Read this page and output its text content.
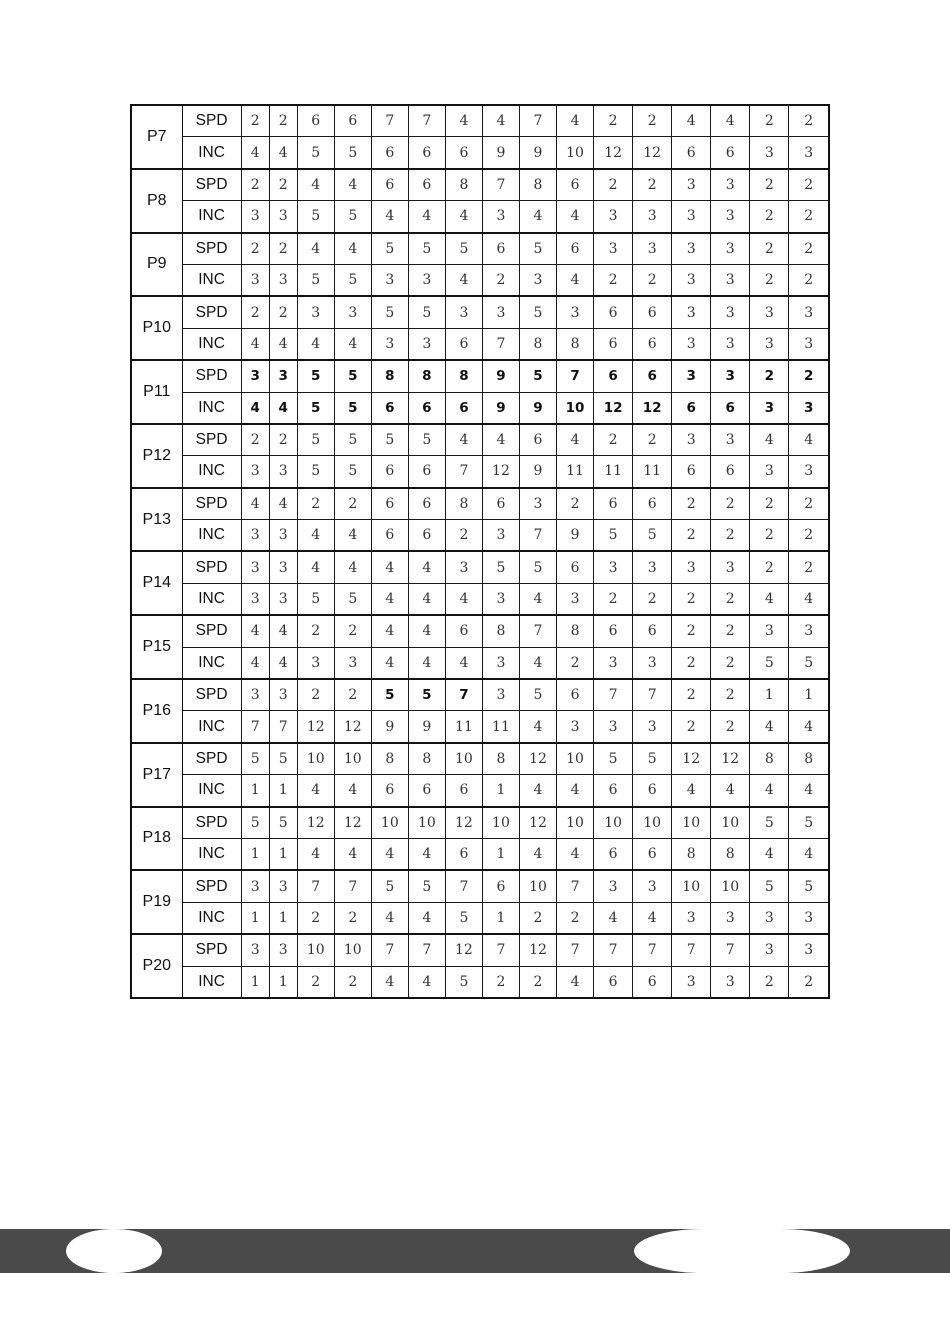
P7	SPD	2	2	6	6	7	7	4	4	7	4	2	2	4	4	2	2
	INC	4	4	5	5	6	6	6	9	9	10	12	12	6	6	3	3
P8	SPD	2	2	4	4	6	6	8	7	8	6	2	2	3	3	2	2
	INC	3	3	5	5	4	4	4	3	4	4	3	3	3	3	2	2
P9	SPD	2	2	4	4	5	5	5	6	5	6	3	3	3	3	2	2
	INC	3	3	5	5	3	3	4	2	3	4	2	2	3	3	2	2
P10	SPD	2	2	3	3	5	5	3	3	5	3	6	6	3	3	3	3
	INC	4	4	4	4	3	3	6	7	8	8	6	6	3	3	3	3
P11	SPD	3	3	5	5	8	8	8	9	5	7	6	6	3	3	2	2
	INC	4	4	5	5	6	6	6	9	9	10	12	12	6	6	3	3
P12	SPD	2	2	5	5	5	5	4	4	6	4	2	2	3	3	4	4
	INC	3	3	5	5	6	6	7	12	9	11	11	11	6	6	3	3
P13	SPD	4	4	2	2	6	6	8	6	3	2	6	6	2	2	2	2
	INC	3	3	4	4	6	6	2	3	7	9	5	5	2	2	2	2
P14	SPD	3	3	4	4	4	4	3	5	5	6	3	3	3	3	2	2
	INC	3	3	5	5	4	4	4	3	4	3	2	2	2	2	4	4
P15	SPD	4	4	2	2	4	4	6	8	7	8	6	6	2	2	3	3
	INC	4	4	3	3	4	4	4	3	4	2	3	3	2	2	5	5
P16	SPD	3	3	2	2	5	5	7	3	5	6	7	7	2	2	1	1
	INC	7	7	12	12	9	9	11	11	4	3	3	3	2	2	4	4
P17	SPD	5	5	10	10	8	8	10	8	12	10	5	5	12	12	8	8
	INC	1	1	4	4	6	6	6	1	4	4	6	6	4	4	4	4
P18	SPD	5	5	12	12	10	10	12	10	12	10	10	10	10	10	5	5
	INC	1	1	4	4	4	4	6	1	4	4	6	6	8	8	4	4
P19	SPD	3	3	7	7	5	5	7	6	10	7	3	3	10	10	5	5
	INC	1	1	2	2	4	4	5	1	2	2	4	4	3	3	3	3
P20	SPD	3	3	10	10	7	7	12	7	12	7	7	7	7	7	3	3
	INC	1	1	2	2	4	4	5	2	2	4	6	6	3	3	2	2
